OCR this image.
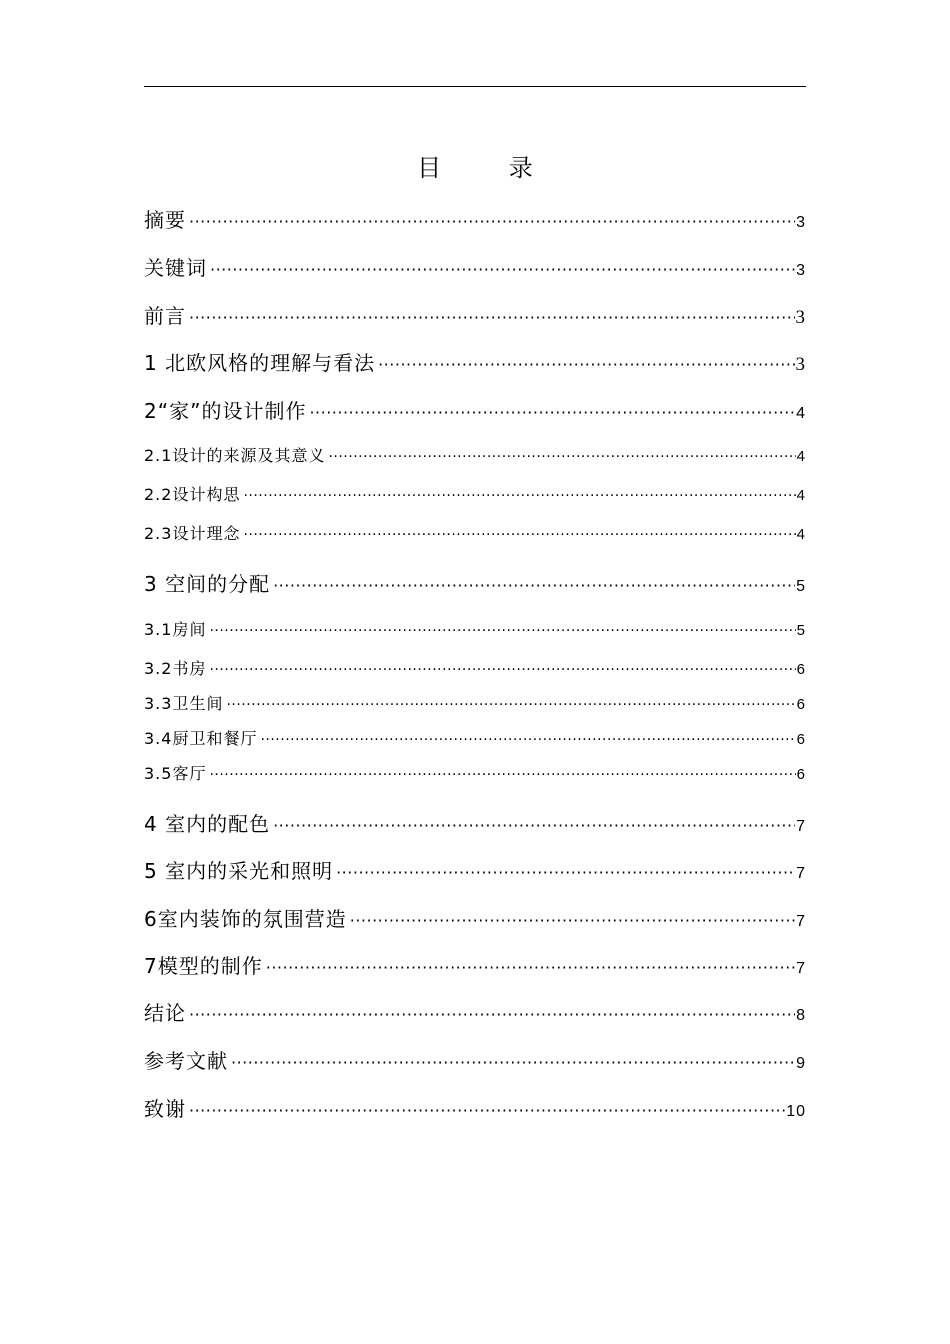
目 录
摘要 ·····	3
关键词 ·····	3
前言 ·····	3
1 北欧风格的理解与看法 ·····	3
2“家”的设计制作 ·····	4
2.1设计的来源及其意义 ·····	4
2.2设计构思 ·····	4
2.3设计理念 ·····	4
3 空间的分配 ·····	5
3.1房间 ·····	5
3.2书房 ·····	6
3.3卫生间 ·····	6
3.4厨卫和餐厅 ·····	6
3.5客厅 ·····	6
4 室内的配色 ·····	7
5 室内的采光和照明 ·····	7
6室内装饰的氛围营造 ·····	7
7模型的制作 ·····	7
结论 ·····	8
参考文献 ·····	9
致谢 ·····	10
